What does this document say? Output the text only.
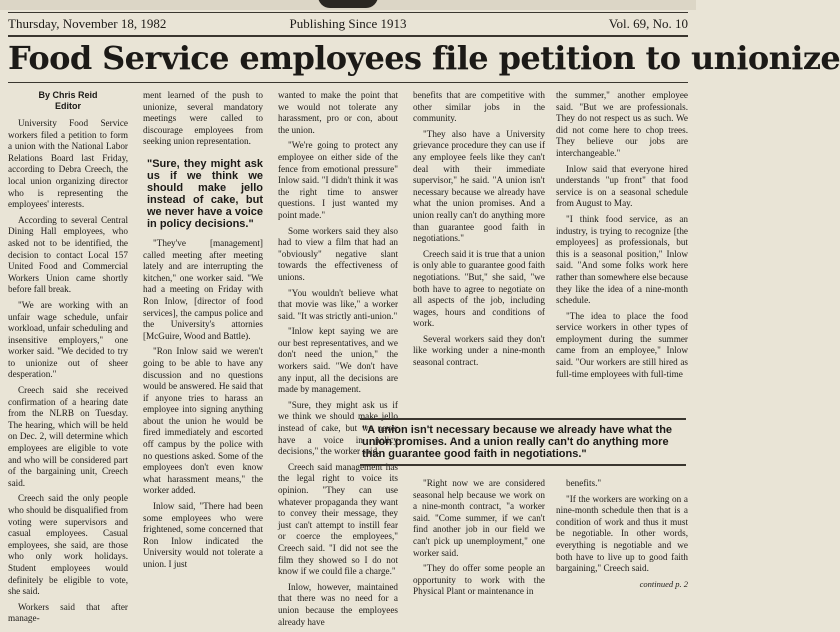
Publishing Since 1913
Thursday, November 18, 1982	Vol. 69, No. 10
Food Service employees file petition to unionize
By Chris Reid
Editor

University Food Service workers filed a petition to form a union with the National Labor Relations Board last Friday, according to Debra Creech, the local union organizing director who is representing the employees' interests.

According to several Central Dining Hall employees, who asked not to be identified, the decision to contact Local 157 United Food and Commercial Workers Union came shortly before fall break.

"We are working with an unfair wage schedule, unfair workload, unfair scheduling and insensitive employers," one worker said. "We decided to try to unionize out of sheer desperation."

Creech said she received confirmation of a hearing date from the NLRB on Tuesday. The hearing, which will be held on Dec. 2, will determine which employees are eligible to vote and who will be considered part of the bargaining unit, Creech said.

Creech said the only people who should be disqualified from voting were supervisors and casual employees. Casual employees, she said, are those who only work holidays. Student employees would definitely be eligible to vote, she said.

Workers said that after manage-

ment learned of the push to unionize, several mandatory meetings were called to discourage employees from seeking union representation.

"Sure, they might ask us if we think we should make jello instead of cake, but we never have a voice in policy decisions."

"They've [management] called meeting after meeting lately and are interrupting the kitchen," one worker said. "We had a meeting on Friday with Ron Inlow, [director of food services], the campus police and the University's attornies [McGuire, Wood and Battle).

"Ron Inlow said we weren't going to be able to have any discussion and no questions would be answered. He said that if anyone tries to harass an employee into signing anything about the union he would be fired immediately and escorted off campus by the police with no questions asked. Some of the employees don't even know what harassment means," the worker added.

Inlow said, "There had been some employees who were frightened, some concerned that Ron Inlow indicated the University would not tolerate a union. I just

wanted to make the point that we would not tolerate any harassment, pro or con, about the union.

"We're going to protect any employee on either side of the fence from emotional pressure" Inlow said. "I didn't think it was the right time to answer questions. I just wanted my point made."

Some workers said they also had to view a film that had an "obviously" negative slant towards the effectiveness of unions.

"You wouldn't believe what that movie was like," a worker said. "It was strictly anti-union."

"Inlow kept saying we are our best representatives, and we don't need the union," the workers said. "We don't have any input, all the decisions are made by management.

"Sure, they might ask us if we think we should make jello instead of cake, but we never have a voice in policy decisions," the worker said.

Creech said management has the legal right to voice its opinion. "They can use whatever propaganda they want to convey their message, they just can't attempt to instill fear or coerce the employees," Creech said. "I did not see the film they showed so I do not know if we could file a charge."

Inlow, however, maintained that there was no need for a union because the employees already have

benefits that are competitive with other similar jobs in the community.

"They also have a University grievance procedure they can use if any employee feels like they can't deal with their immediate supervisor," he said. "A union isn't necessary because we already have what the union promises. And a union really can't do anything more than guarantee good faith in negotiations."

Creech said it is true that a union is only able to guarantee good faith negotiations. "But," she said, "we both have to agree to negotiate on all aspects of the job, including wages, hours and conditions of work.

Several workers said they don't like working under a nine-month seasonal contract.

the summer," another employee said. "But we are professionals. They do not respect us as such. We did not come here to chop trees. They believe our jobs are interchangeable."

Inlow said that everyone hired understands "up front" that food service is on a seasonal schedule from August to May.

"I think food service, as an industry, is trying to recognize [the employees] as professionals, but this is a seasonal position," Inlow said. "And some folks work here rather than somewhere else because they like the idea of a nine-month schedule.

"The idea to place the food service workers in other types of employment during the summer came from an employee," Inlow said. "Our workers are still hired as full-time employees with full-time

"A union isn't necessary because we already have what the union promises. And a union really can't do anything more than guarantee good faith in negotiations."

"Right now we are considered seasonal help because we work on a nine-month contract, "a worker said. "Come summer, if we can't find another job in our field we can't pick up unemployment," one worker said.

"They do offer some people an opportunity to work with the Physical Plant or maintenance in

benefits."

"If the workers are working on a nine-month schedule then that is a condition of work and thus it must be negotiable. In other words, everything is negotiable and we both have to live up to good faith bargaining," Creech said.

continued p. 2
